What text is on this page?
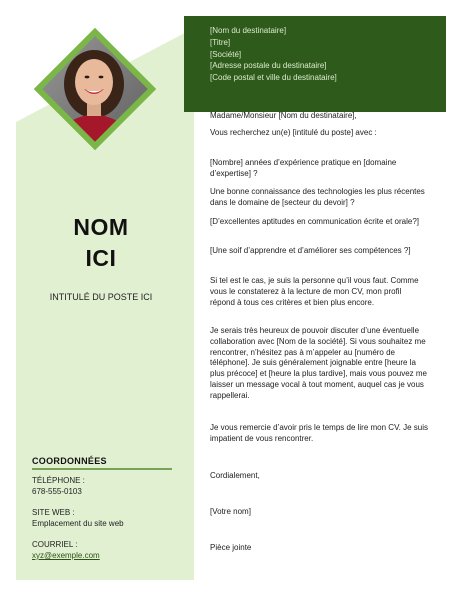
NOM
ICI
INTITULÉ DU POSTE ICI
COORDONNÉES
TÉLÉPHONE :
678-555-0103
SITE WEB :
Emplacement du site web
COURRIEL :
xyz@exemple.com
[Nom du destinataire]
[Titre]
[Société]
[Adresse postale du destinataire]
[Code postal et ville du destinataire]
Madame/Monsieur [Nom du destinataire],
Vous recherchez un(e) [intitulé du poste] avec :
[Nombre] années d’expérience pratique en [domaine d’expertise] ?
Une bonne connaissance des technologies les plus récentes dans le domaine de [secteur du devoir] ?
[D’excellentes aptitudes en communication écrite et orale?]
[Une soif d’apprendre et d’améliorer ses compétences ?]
Si tel est le cas, je suis la personne qu’il vous faut. Comme vous le constaterez à la lecture de mon CV, mon profil répond à tous ces critères et bien plus encore.
Je serais très heureux de pouvoir discuter d’une éventuelle collaboration avec [Nom de la société]. Si vous souhaitez me rencontrer, n’hésitez pas à m’appeler au [numéro de téléphone]. Je suis généralement joignable entre [heure la plus précoce] et [heure la plus tardive], mais vous pouvez me laisser un message vocal à tout moment, auquel cas je vous rappellerai.
Je vous remercie d’avoir pris le temps de lire mon CV. Je suis impatient de vous rencontrer.
Cordialement,
[Votre nom]
Pièce jointe
